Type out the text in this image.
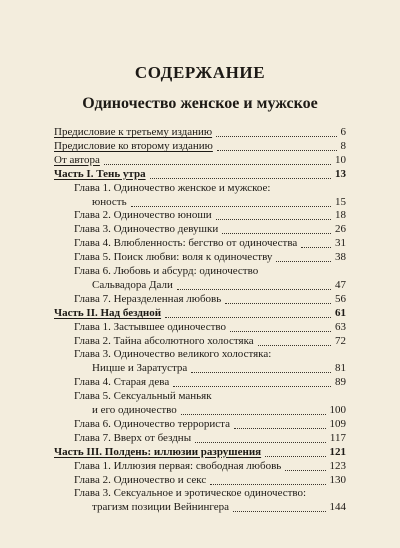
СОДЕРЖАНИЕ
Одиночество женское и мужское
Предисловие к третьему изданию	6
Предисловие ко второму изданию	8
От автора	10
Часть I. Тень утра	13
Глава 1. Одиночество женское и мужское:
юность	15
Глава 2. Одиночество юноши	18
Глава 3. Одиночество девушки	26
Глава 4. Влюбленность: бегство от одиночества	31
Глава 5. Поиск любви: воля к одиночеству	38
Глава 6. Любовь и абсурд: одиночество
Сальвадора Дали	47
Глава 7. Неразделенная любовь	56
Часть II. Над бездной	61
Глава 1. Застывшее одиночество	63
Глава 2. Тайна абсолютного холостяка	72
Глава 3. Одиночество великого холостяка:
Ницше и Заратустра	81
Глава 4. Старая дева	89
Глава 5. Сексуальный маньяк
и его одиночество	100
Глава 6. Одиночество террориста	109
Глава 7. Вверх от бездны	117
Часть III. Полдень: иллюзии разрушения	121
Глава 1. Иллюзия первая: свободная любовь	123
Глава 2. Одиночество и секс	130
Глава 3. Сексуальное и эротическое одиночество:
трагизм позиции Вейнингера	144
